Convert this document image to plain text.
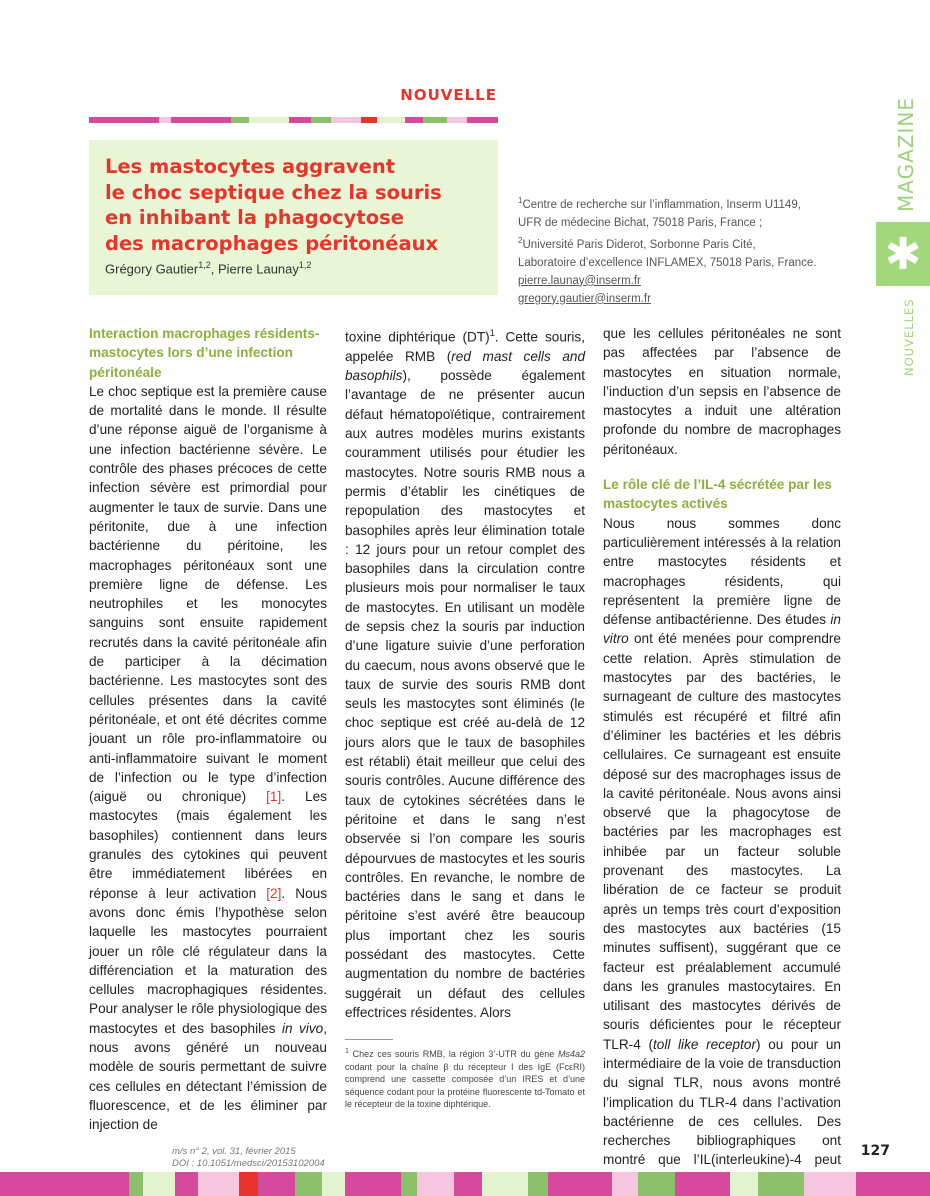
NOUVELLE
Les mastocytes aggravent
le choc septique chez la souris
en inhibant la phagocytose
des macrophages péritonéaux
Grégory Gautier$^{1,2}$, Pierre Launay$^{1,2}$
$^1$Centre de recherche sur l’inflammation, Inserm U1149,
UFR de médecine Bichat, 75018 Paris, France ;
$^2$Université Paris Diderot, Sorbonne Paris Cité,
Laboratoire d’excellence INFLAMEX, 75018 Paris, France.
pierre.launay@inserm.fr
gregory.gautier@inserm.fr
Interaction macrophages résidents-mastocytes lors d’une infection péritonéale

Le choc septique est la première cause de mortalité dans le monde. Il résulte d’une réponse aiguë de l’organisme à une infection bactérienne sévère. Le contrôle des phases précoces de cette infection sévère est primordial pour augmenter le taux de survie. Dans une péritonite, due à une infection bactérienne du péritoine, les macrophages péritonéaux sont une première ligne de défense. Les neutrophiles et les monocytes sanguins sont ensuite rapidement recrutés dans la cavité péritonéale afin de participer à la décimation bactérienne. Les mastocytes sont des cellules présentes dans la cavité péritonéale, et ont été décrites comme jouant un rôle pro-inflammatoire ou anti-inflammatoire suivant le moment de l’infection ou le type d’infection (aiguë ou chronique) [1]. Les mastocytes (mais également les basophiles) contiennent dans leurs granules des cytokines qui peuvent être immédiatement libérées en réponse à leur activation [2]. Nous avons donc émis l’hypothèse selon laquelle les mastocytes pourraient jouer un rôle clé régulateur dans la différenciation et la maturation des cellules macrophagiques résidentes. Pour analyser le rôle physiologique des mastocytes et des basophiles in vivo, nous avons généré un nouveau modèle de souris permettant de suivre ces cellules en détectant l’émission de fluorescence, et de les éliminer par injection de

toxine diphtérique (DT)$^1$. Cette souris, appelée RMB (red mast cells and basophils), possède également l’avantage de ne présenter aucun défaut hématopoïétique, contrairement aux autres modèles murins existants couramment utilisés pour étudier les mastocytes. Notre souris RMB nous a permis d’établir les cinétiques de repopulation des mastocytes et basophiles après leur élimination totale : 12 jours pour un retour complet des basophiles dans la circulation contre plusieurs mois pour normaliser le taux de mastocytes. En utilisant un modèle de sepsis chez la souris par induction d’une ligature suivie d’une perforation du caecum, nous avons observé que le taux de survie des souris RMB dont seuls les mastocytes sont éliminés (le choc septique est créé au-delà de 12 jours alors que le taux de basophiles est rétabli) était meilleur que celui des souris contrôles. Aucune différence des taux de cytokines sécrétées dans le péritoine et dans le sang n’est observée si l’on compare les souris dépourvues de mastocytes et les souris contrôles. En revanche, le nombre de bactéries dans le sang et dans le péritoine s’est avéré être beaucoup plus important chez les souris possédant des mastocytes. Cette augmentation du nombre de bactéries suggérait un défaut des cellules effectrices résidentes. Alors

$^1$ Chez ces souris RMB, la région 3’-UTR du gène Ms4a2 codant pour la chaîne β du récepteur I des IgE (FcεRI) comprend une cassette composée d’un IRES et d’une séquence codant pour la protéine fluorescente td-Tomato et le récepteur de la toxine diphtérique.

que les cellules péritonéales ne sont pas affectées par l’absence de mastocytes en situation normale, l’induction d’un sepsis en l’absence de mastocytes a induit une altération profonde du nombre de macrophages péritonéaux.

Le rôle clé de l’IL-4 sécrétée par les mastocytes activés

Nous nous sommes donc particulièrement intéressés à la relation entre mastocytes résidents et macrophages résidents, qui représentent la première ligne de défense antibactérienne. Des études in vitro ont été menées pour comprendre cette relation. Après stimulation de mastocytes par des bactéries, le surnageant de culture des mastocytes stimulés est récupéré et filtré afin d’éliminer les bactéries et les débris cellulaires. Ce surnageant est ensuite déposé sur des macrophages issus de la cavité péritonéale. Nous avons ainsi observé que la phagocytose de bactéries par les macrophages est inhibée par un facteur soluble provenant des mastocytes. La libération de ce facteur se produit après un temps très court d’exposition des mastocytes aux bactéries (15 minutes suffisent), suggérant que ce facteur est préalablement accumulé dans les granules mastocytaires. En utilisant des mastocytes dérivés de souris déficientes pour le récepteur TLR-4 (toll like receptor) ou pour un intermédiaire de la voie de transduction du signal TLR, nous avons montré l’implication du TLR-4 dans l’activation bactérienne de ces cellules. Des recherches bibliographiques ont montré que l’IL(interleukine)-4 peut

MAGAZINE
✱
NOUVELLES
m/s n° 2, vol. 31, février 2015
DOI : 10.1051/medsci/20153102004
127
